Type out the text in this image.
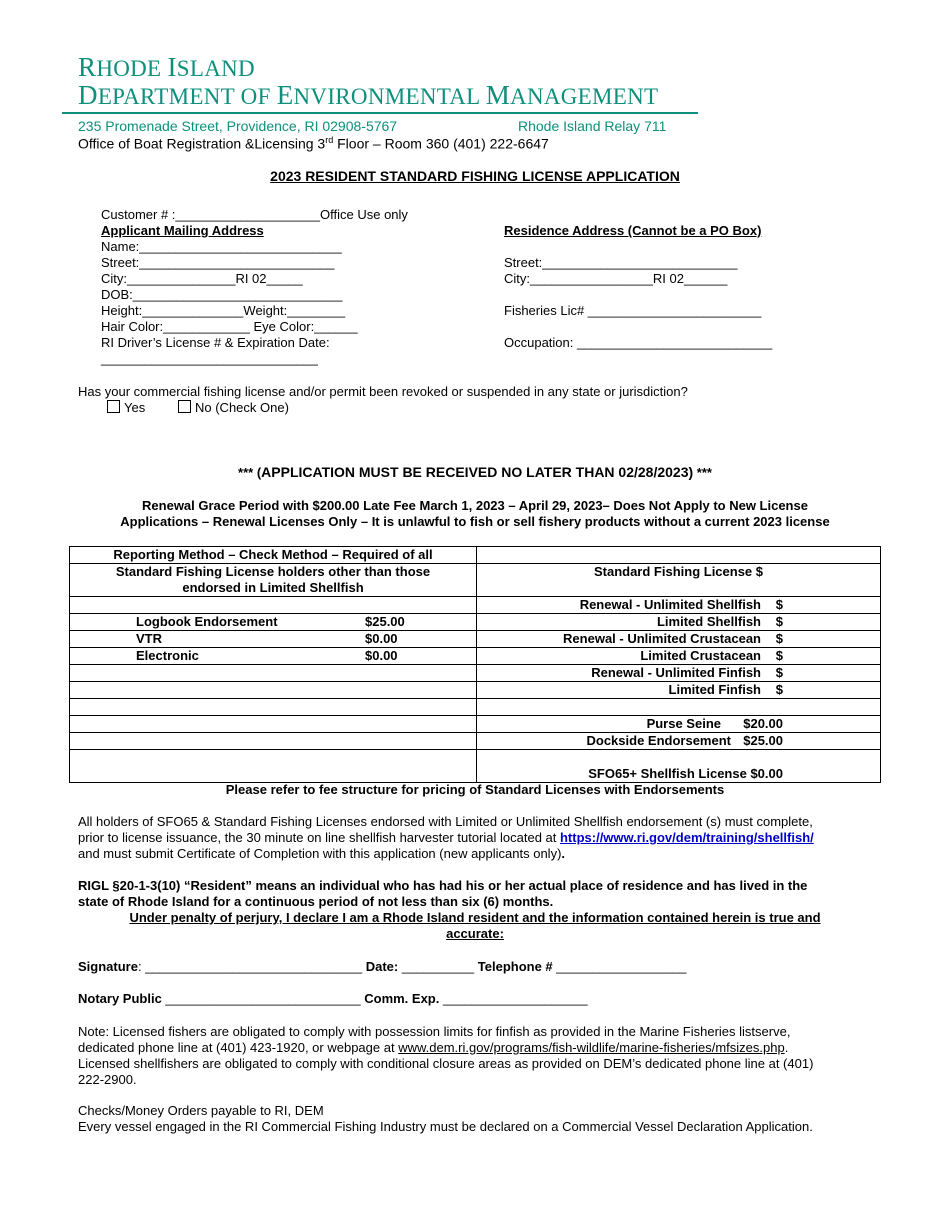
RHODE ISLAND
DEPARTMENT OF ENVIRONMENTAL MANAGEMENT
235 Promenade Street, Providence, RI 02908-5767	Rhode Island Relay 711
Office of Boat Registration &Licensing 3rd Floor – Room 360 (401) 222-6647
2023 RESIDENT STANDARD FISHING LICENSE APPLICATION
Customer # :____________________Office Use only
Applicant Mailing Address	Residence Address (Cannot be a PO Box)
Name:____________________________
Street:___________________________	Street:___________________________
City:_______________RI 02_____	City:_________________RI 02______
DOB:_____________________________
Height:______________Weight:________	Fisheries Lic# ________________________
Hair Color:____________ Eye Color:______
RI Driver’s License # & Expiration Date:	Occupation: ___________________________
______________________________
Has your commercial fishing license and/or permit been revoked or suspended in any state or jurisdiction?
Yes	No (Check One)
*** (APPLICATION MUST BE RECEIVED NO LATER THAN 02/28/2023) ***
Renewal Grace Period with $200.00 Late Fee March 1, 2023 – April 29, 2023– Does Not Apply to New License
Applications – Renewal Licenses Only – It is unlawful to fish or sell fishery products without a current 2023 license
Reporting Method – Check Method – Required of all	
Standard Fishing License holders other than those
endorsed in Limited Shellfish	Standard Fishing License $
	Renewal - Unlimited Shellfish $
Logbook Endorsement $25.00	Limited Shellfish $
VTR $0.00	Renewal - Unlimited Crustacean $
Electronic $0.00	Limited Crustacean $
	Renewal - Unlimited Finfish $
	Limited Finfish $

	Purse Seine $20.00
	Dockside Endorsement $25.00
	SFO65+ Shellfish License $0.00
Please refer to fee structure for pricing of Standard Licenses with Endorsements
All holders of SFO65 & Standard Fishing Licenses endorsed with Limited or Unlimited Shellfish endorsement (s) must complete,
prior to license issuance, the 30 minute on line shellfish harvester tutorial located at https://www.ri.gov/dem/training/shellfish/
and must submit Certificate of Completion with this application (new applicants only).
RIGL §20-1-3(10) “Resident” means an individual who has had his or her actual place of residence and has lived in the
state of Rhode Island for a continuous period of not less than six (6) months.
Under penalty of perjury, I declare I am a Rhode Island resident and the information contained herein is true and
accurate:
Signature: ______________________________ Date: __________ Telephone # __________________
Notary Public ___________________________ Comm. Exp. ____________________
Note: Licensed fishers are obligated to comply with possession limits for finfish as provided in the Marine Fisheries listserve,
dedicated phone line at (401) 423-1920, or webpage at www.dem.ri.gov/programs/fish-wildlife/marine-fisheries/mfsizes.php.
Licensed shellfishers are obligated to comply with conditional closure areas as provided on DEM’s dedicated phone line at (401)
222-2900.
Checks/Money Orders payable to RI, DEM
Every vessel engaged in the RI Commercial Fishing Industry must be declared on a Commercial Vessel Declaration Application.
